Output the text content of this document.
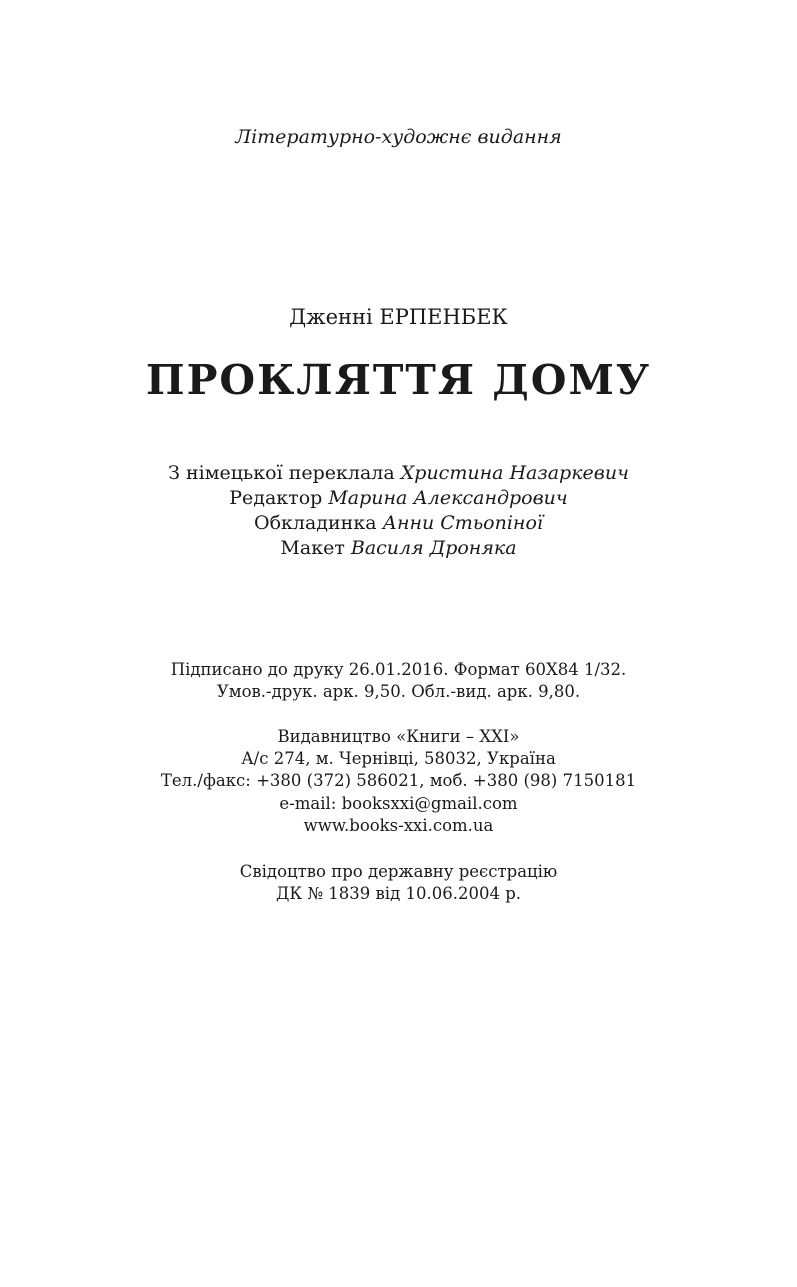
Літературно-художнє видання
Дженні ЕРПЕНБЕК
ПРОКЛЯТТЯ ДОМУ
З німецької переклала Христина Назаркевич
Редактор Марина Александрович
Обкладинка Анни Стьопіної
Макет Василя Дроняка
Підписано до друку 26.01.2016. Формат 60Х84 1/32.
Умов.-друк. арк. 9,50. Обл.-вид. арк. 9,80.
Видавництво «Книги – ХХІ»
А/с 274, м. Чернівці, 58032, Україна
Тел./факс: +380 (372) 586021, моб. +380 (98) 7150181
e-mail: booksxxi@gmail.com
www.books-xxi.com.ua
Свідоцтво про державну реєстрацію
ДК № 1839 від 10.06.2004 р.
